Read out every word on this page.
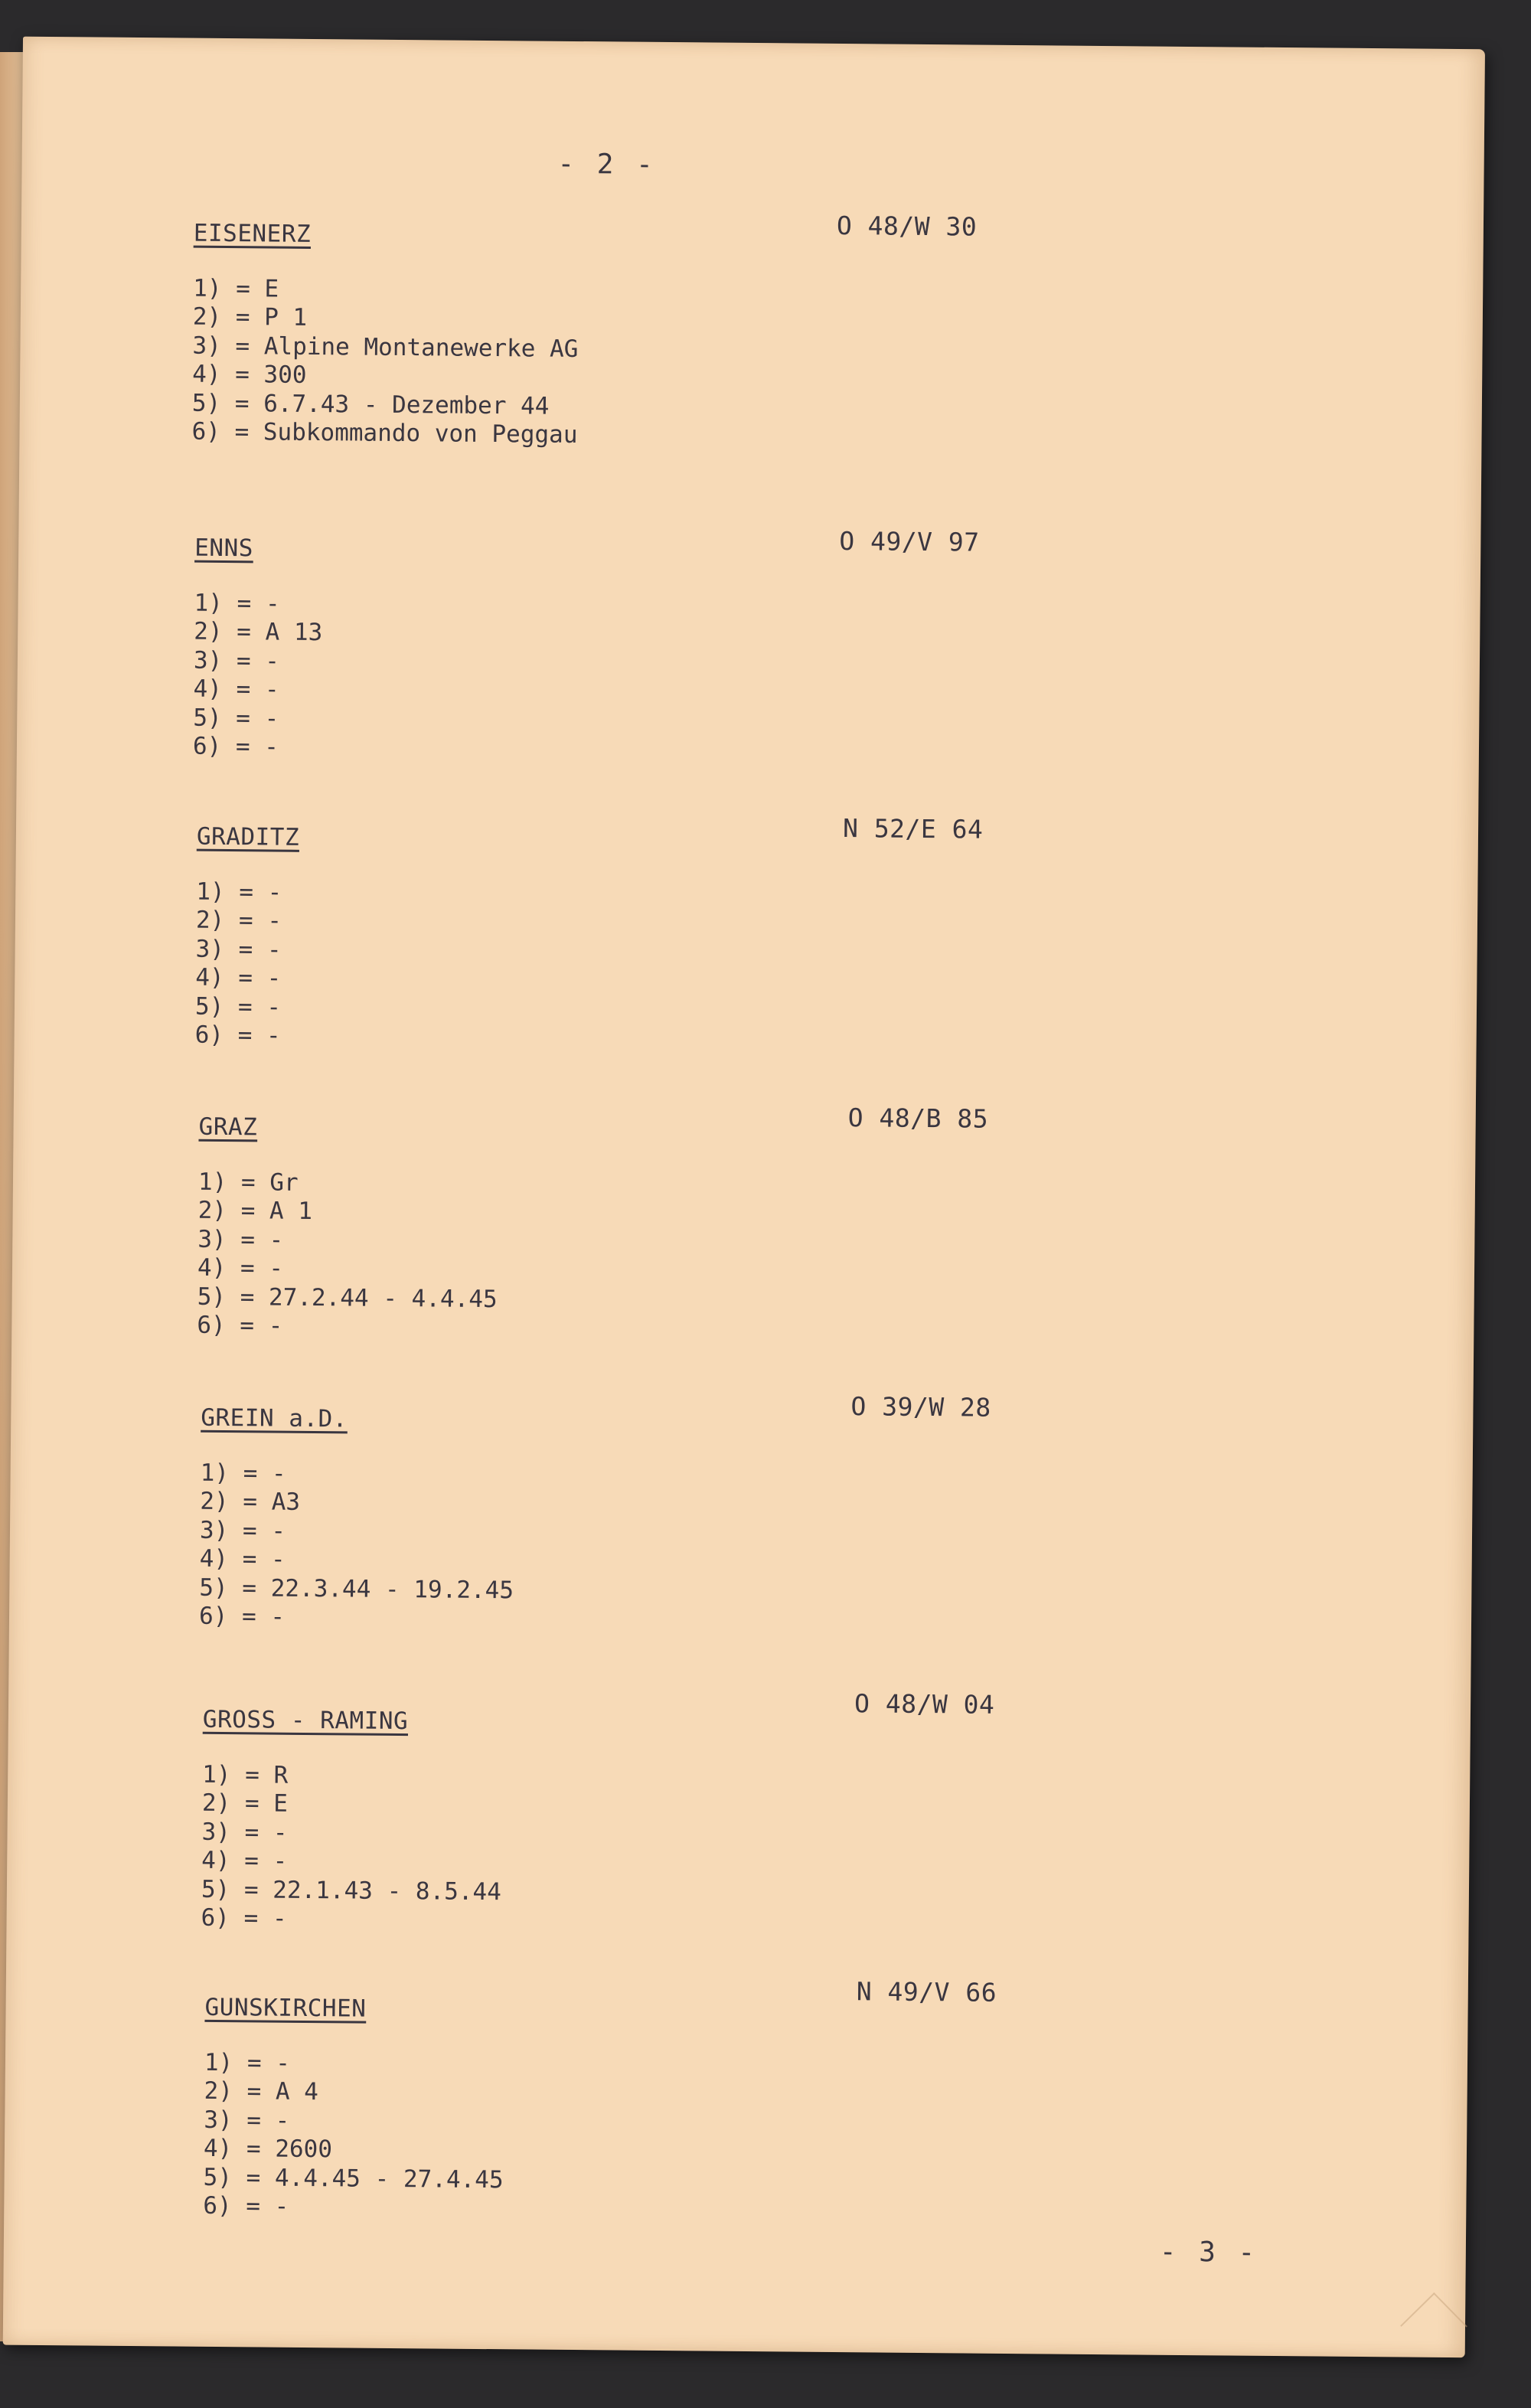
- 2 -
EISENERZ
1) = E
2) = P 1
3) = Alpine Montanewerke AG
4) = 300
5) = 6.7.43 - Dezember 44
6) = Subkommando von Peggau
O 48/W 30
ENNS
1) = -
2) = A 13
3) = -
4) = -
5) = -
6) = -
O 49/V 97
GRADITZ
1) = -
2) = -
3) = -
4) = -
5) = -
6) = -
N 52/E 64
GRAZ
1) = Gr
2) = A 1
3) = -
4) = -
5) = 27.2.44 - 4.4.45
6) = -
O 48/B 85
GREIN a.D.
1) = -
2) = A3
3) = -
4) = -
5) = 22.3.44 - 19.2.45
6) = -
O 39/W 28
GROSS - RAMING
1) = R
2) = E
3) = -
4) = -
5) = 22.1.43 - 8.5.44
6) = -
O 48/W 04
GUNSKIRCHEN
1) = -
2) = A 4
3) = -
4) = 2600
5) = 4.4.45 - 27.4.45
6) = -
N 49/V 66
- 3 -
